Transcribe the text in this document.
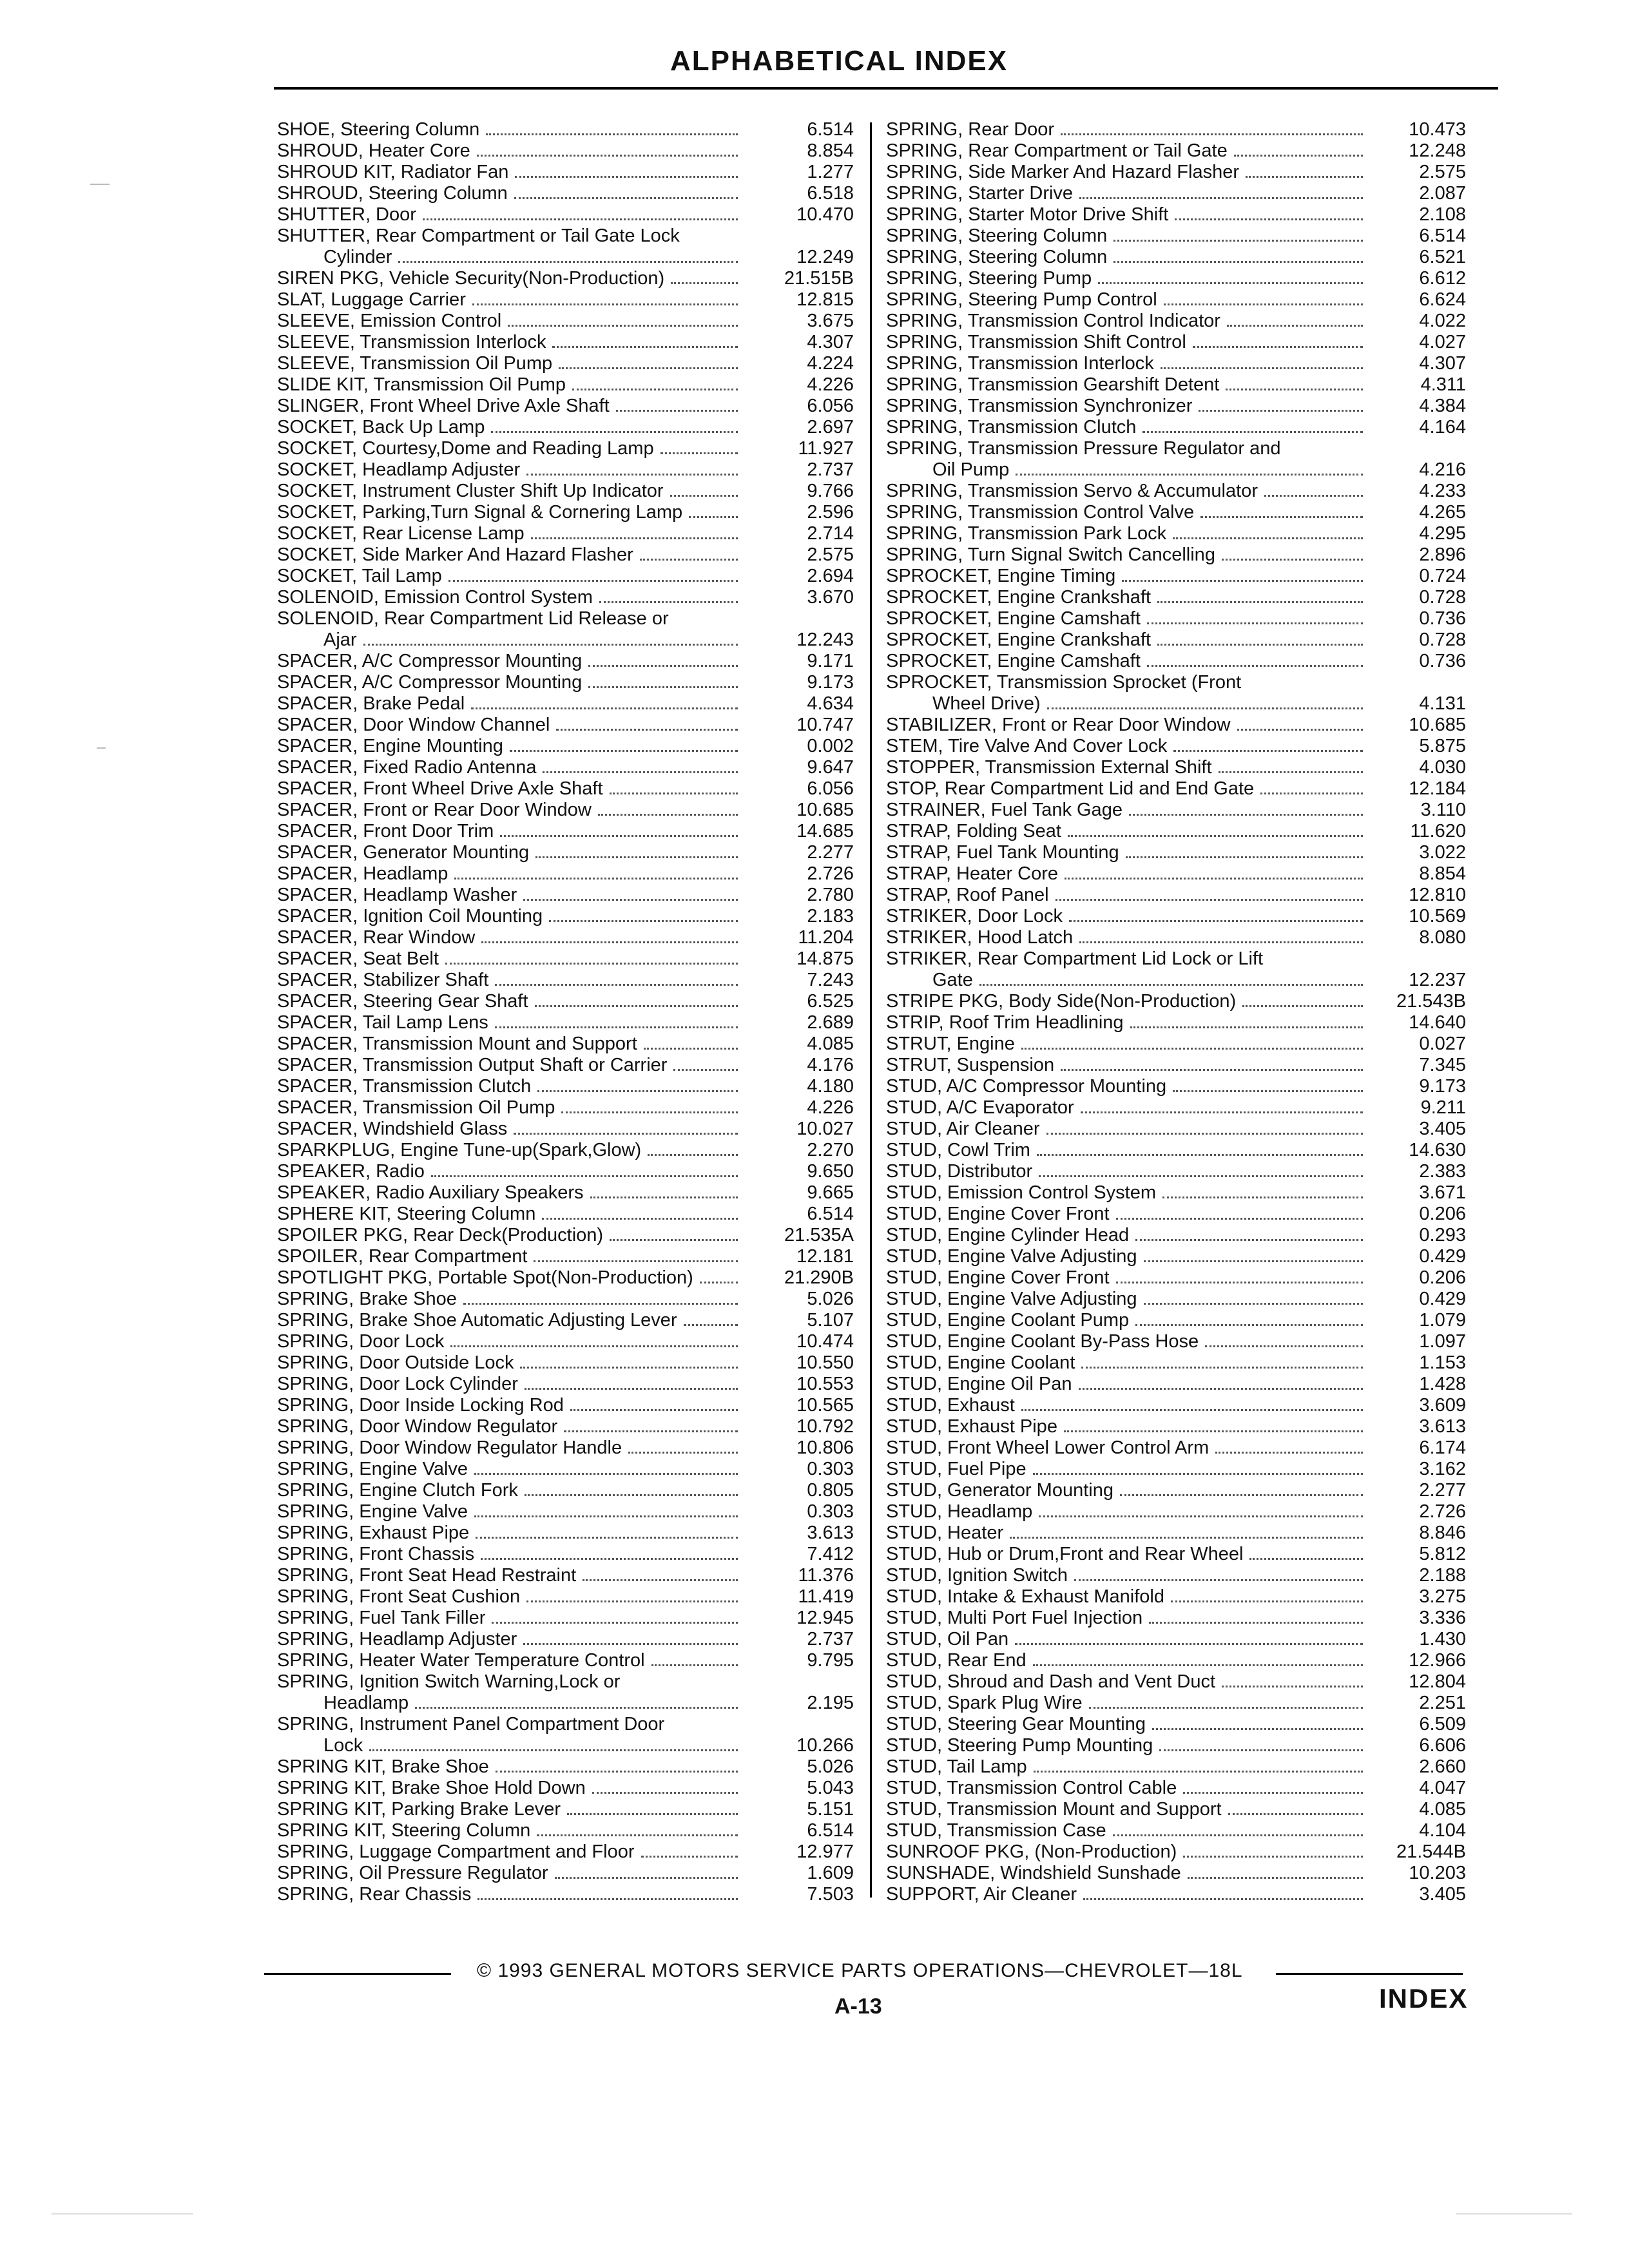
ALPHABETICAL INDEX
SHOE, Steering Column	6.514
SHROUD, Heater Core	8.854
SHROUD KIT, Radiator Fan	1.277
SHROUD, Steering Column	6.518
SHUTTER, Door	10.470
SHUTTER, Rear Compartment or Tail Gate Lock
Cylinder	12.249
SIREN PKG, Vehicle Security(Non-Production)	21.515B
SLAT, Luggage Carrier	12.815
SLEEVE, Emission Control	3.675
SLEEVE, Transmission Interlock	4.307
SLEEVE, Transmission Oil Pump	4.224
SLIDE KIT, Transmission Oil Pump	4.226
SLINGER, Front Wheel Drive Axle Shaft	6.056
SOCKET, Back Up Lamp	2.697
SOCKET, Courtesy,Dome and Reading Lamp	11.927
SOCKET, Headlamp Adjuster	2.737
SOCKET, Instrument Cluster Shift Up Indicator	9.766
SOCKET, Parking,Turn Signal & Cornering Lamp	2.596
SOCKET, Rear License Lamp	2.714
SOCKET, Side Marker And Hazard Flasher	2.575
SOCKET, Tail Lamp	2.694
SOLENOID, Emission Control System	3.670
SOLENOID, Rear Compartment Lid Release or
Ajar	12.243
SPACER, A/C Compressor Mounting	9.171
SPACER, A/C Compressor Mounting	9.173
SPACER, Brake Pedal	4.634
SPACER, Door Window Channel	10.747
SPACER, Engine Mounting	0.002
SPACER, Fixed Radio Antenna	9.647
SPACER, Front Wheel Drive Axle Shaft	6.056
SPACER, Front or Rear Door Window	10.685
SPACER, Front Door Trim	14.685
SPACER, Generator Mounting	2.277
SPACER, Headlamp	2.726
SPACER, Headlamp Washer	2.780
SPACER, Ignition Coil Mounting	2.183
SPACER, Rear Window	11.204
SPACER, Seat Belt	14.875
SPACER, Stabilizer Shaft	7.243
SPACER, Steering Gear Shaft	6.525
SPACER, Tail Lamp Lens	2.689
SPACER, Transmission Mount and Support	4.085
SPACER, Transmission Output Shaft or Carrier	4.176
SPACER, Transmission Clutch	4.180
SPACER, Transmission Oil Pump	4.226
SPACER, Windshield Glass	10.027
SPARKPLUG, Engine Tune-up(Spark,Glow)	2.270
SPEAKER, Radio	9.650
SPEAKER, Radio Auxiliary Speakers	9.665
SPHERE KIT, Steering Column	6.514
SPOILER PKG, Rear Deck(Production)	21.535A
SPOILER, Rear Compartment	12.181
SPOTLIGHT PKG, Portable Spot(Non-Production)	21.290B
SPRING, Brake Shoe	5.026
SPRING, Brake Shoe Automatic Adjusting Lever	5.107
SPRING, Door Lock	10.474
SPRING, Door Outside Lock	10.550
SPRING, Door Lock Cylinder	10.553
SPRING, Door Inside Locking Rod	10.565
SPRING, Door Window Regulator	10.792
SPRING, Door Window Regulator Handle	10.806
SPRING, Engine Valve	0.303
SPRING, Engine Clutch Fork	0.805
SPRING, Engine Valve	0.303
SPRING, Exhaust Pipe	3.613
SPRING, Front Chassis	7.412
SPRING, Front Seat Head Restraint	11.376
SPRING, Front Seat Cushion	11.419
SPRING, Fuel Tank Filler	12.945
SPRING, Headlamp Adjuster	2.737
SPRING, Heater Water Temperature Control	9.795
SPRING, Ignition Switch Warning,Lock or
Headlamp	2.195
SPRING, Instrument Panel Compartment Door
Lock	10.266
SPRING KIT, Brake Shoe	5.026
SPRING KIT, Brake Shoe Hold Down	5.043
SPRING KIT, Parking Brake Lever	5.151
SPRING KIT, Steering Column	6.514
SPRING, Luggage Compartment and Floor	12.977
SPRING, Oil Pressure Regulator	1.609
SPRING, Rear Chassis	7.503
SPRING, Rear Door	10.473
SPRING, Rear Compartment or Tail Gate	12.248
SPRING, Side Marker And Hazard Flasher	2.575
SPRING, Starter Drive	2.087
SPRING, Starter Motor Drive Shift	2.108
SPRING, Steering Column	6.514
SPRING, Steering Column	6.521
SPRING, Steering Pump	6.612
SPRING, Steering Pump Control	6.624
SPRING, Transmission Control Indicator	4.022
SPRING, Transmission Shift Control	4.027
SPRING, Transmission Interlock	4.307
SPRING, Transmission Gearshift Detent	4.311
SPRING, Transmission Synchronizer	4.384
SPRING, Transmission Clutch	4.164
SPRING, Transmission Pressure Regulator and
Oil Pump	4.216
SPRING, Transmission Servo & Accumulator	4.233
SPRING, Transmission Control Valve	4.265
SPRING, Transmission Park Lock	4.295
SPRING, Turn Signal Switch Cancelling	2.896
SPROCKET, Engine Timing	0.724
SPROCKET, Engine Crankshaft	0.728
SPROCKET, Engine Camshaft	0.736
SPROCKET, Engine Crankshaft	0.728
SPROCKET, Engine Camshaft	0.736
SPROCKET, Transmission Sprocket (Front
Wheel Drive)	4.131
STABILIZER, Front or Rear Door Window	10.685
STEM, Tire Valve And Cover Lock	5.875
STOPPER, Transmission External Shift	4.030
STOP, Rear Compartment Lid and End Gate	12.184
STRAINER, Fuel Tank Gage	3.110
STRAP, Folding Seat	11.620
STRAP, Fuel Tank Mounting	3.022
STRAP, Heater Core	8.854
STRAP, Roof Panel	12.810
STRIKER, Door Lock	10.569
STRIKER, Hood Latch	8.080
STRIKER, Rear Compartment Lid Lock or Lift
Gate	12.237
STRIPE PKG, Body Side(Non-Production)	21.543B
STRIP, Roof Trim Headlining	14.640
STRUT, Engine	0.027
STRUT, Suspension	7.345
STUD, A/C Compressor Mounting	9.173
STUD, A/C Evaporator	9.211
STUD, Air Cleaner	3.405
STUD, Cowl Trim	14.630
STUD, Distributor	2.383
STUD, Emission Control System	3.671
STUD, Engine Cover Front	0.206
STUD, Engine Cylinder Head	0.293
STUD, Engine Valve Adjusting	0.429
STUD, Engine Cover Front	0.206
STUD, Engine Valve Adjusting	0.429
STUD, Engine Coolant Pump	1.079
STUD, Engine Coolant By-Pass Hose	1.097
STUD, Engine Coolant	1.153
STUD, Engine Oil Pan	1.428
STUD, Exhaust	3.609
STUD, Exhaust Pipe	3.613
STUD, Front Wheel Lower Control Arm	6.174
STUD, Fuel Pipe	3.162
STUD, Generator Mounting	2.277
STUD, Headlamp	2.726
STUD, Heater	8.846
STUD, Hub or Drum,Front and Rear Wheel	5.812
STUD, Ignition Switch	2.188
STUD, Intake & Exhaust Manifold	3.275
STUD, Multi Port Fuel Injection	3.336
STUD, Oil Pan	1.430
STUD, Rear End	12.966
STUD, Shroud and Dash and Vent Duct	12.804
STUD, Spark Plug Wire	2.251
STUD, Steering Gear Mounting	6.509
STUD, Steering Pump Mounting	6.606
STUD, Tail Lamp	2.660
STUD, Transmission Control Cable	4.047
STUD, Transmission Mount and Support	4.085
STUD, Transmission Case	4.104
SUNROOF PKG, (Non-Production)	21.544B
SUNSHADE, Windshield Sunshade	10.203
SUPPORT, Air Cleaner	3.405
© 1993 GENERAL MOTORS SERVICE PARTS OPERATIONS—CHEVROLET—18L
A-13	INDEX
